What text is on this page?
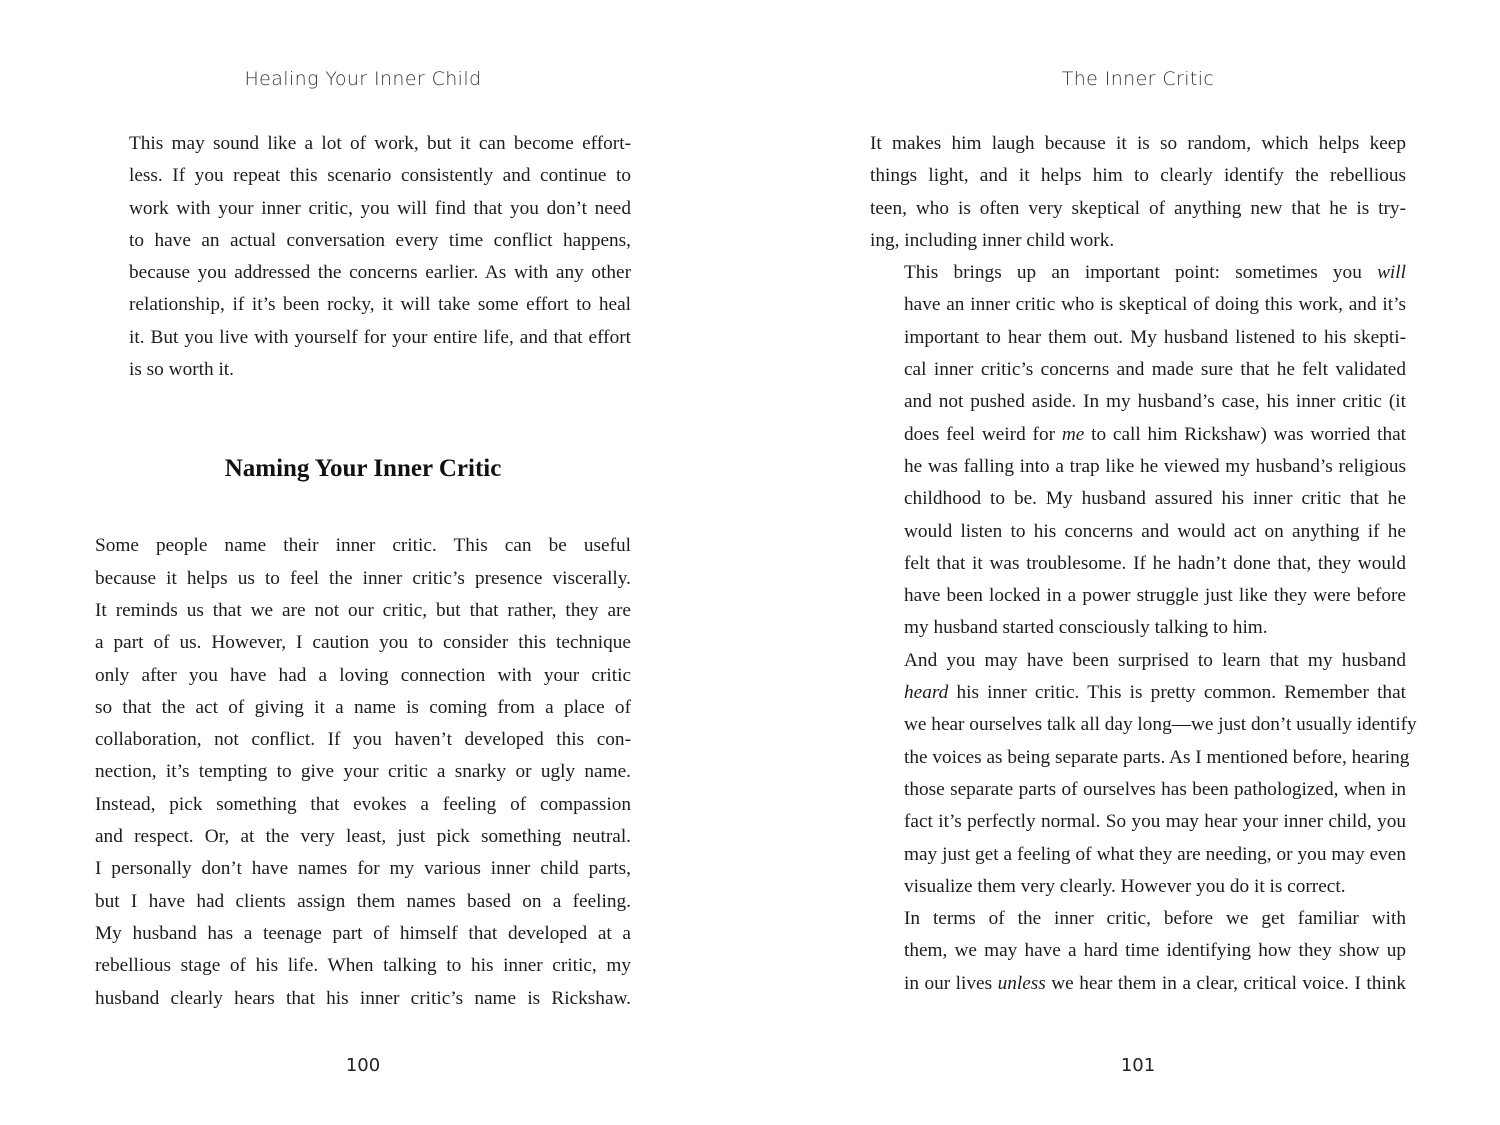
Healing Your Inner Child

This may sound like a lot of work, but it can become effort-
less. If you repeat this scenario consistently and continue to
work with your inner critic, you will find that you don’t need
to have an actual conversation every time conflict happens,
because you addressed the concerns earlier. As with any other
relationship, if it’s been rocky, it will take some effort to heal
it. But you live with yourself for your entire life, and that effort
is so worth it.

Naming Your Inner Critic

Some people name their inner critic. This can be useful
because it helps us to feel the inner critic’s presence viscerally.
It reminds us that we are not our critic, but that rather, they are
a part of us. However, I caution you to consider this technique
only after you have had a loving connection with your critic
so that the act of giving it a name is coming from a place of
collaboration, not conflict. If you haven’t developed this con-
nection, it’s tempting to give your critic a snarky or ugly name.
Instead, pick something that evokes a feeling of compassion
and respect. Or, at the very least, just pick something neutral.
I personally don’t have names for my various inner child parts,
but I have had clients assign them names based on a feeling.
My husband has a teenage part of himself that developed at a
rebellious stage of his life. When talking to his inner critic, my
husband clearly hears that his inner critic’s name is Rickshaw.

100
The Inner Critic

It makes him laugh because it is so random, which helps keep
things light, and it helps him to clearly identify the rebellious
teen, who is often very skeptical of anything new that he is try-
ing, including inner child work.

This brings up an important point: sometimes you will
have an inner critic who is skeptical of doing this work, and it’s
important to hear them out. My husband listened to his skepti-
cal inner critic’s concerns and made sure that he felt validated
and not pushed aside. In my husband’s case, his inner critic (it
does feel weird for me to call him Rickshaw) was worried that
he was falling into a trap like he viewed my husband’s religious
childhood to be. My husband assured his inner critic that he
would listen to his concerns and would act on anything if he
felt that it was troublesome. If he hadn’t done that, they would
have been locked in a power struggle just like they were before
my husband started consciously talking to him.

And you may have been surprised to learn that my husband
heard his inner critic. This is pretty common. Remember that
we hear ourselves talk all day long—we just don’t usually identify
the voices as being separate parts. As I mentioned before, hearing
those separate parts of ourselves has been pathologized, when in
fact it’s perfectly normal. So you may hear your inner child, you
may just get a feeling of what they are needing, or you may even
visualize them very clearly. However you do it is correct.

In terms of the inner critic, before we get familiar with
them, we may have a hard time identifying how they show up
in our lives unless we hear them in a clear, critical voice. I think

101
